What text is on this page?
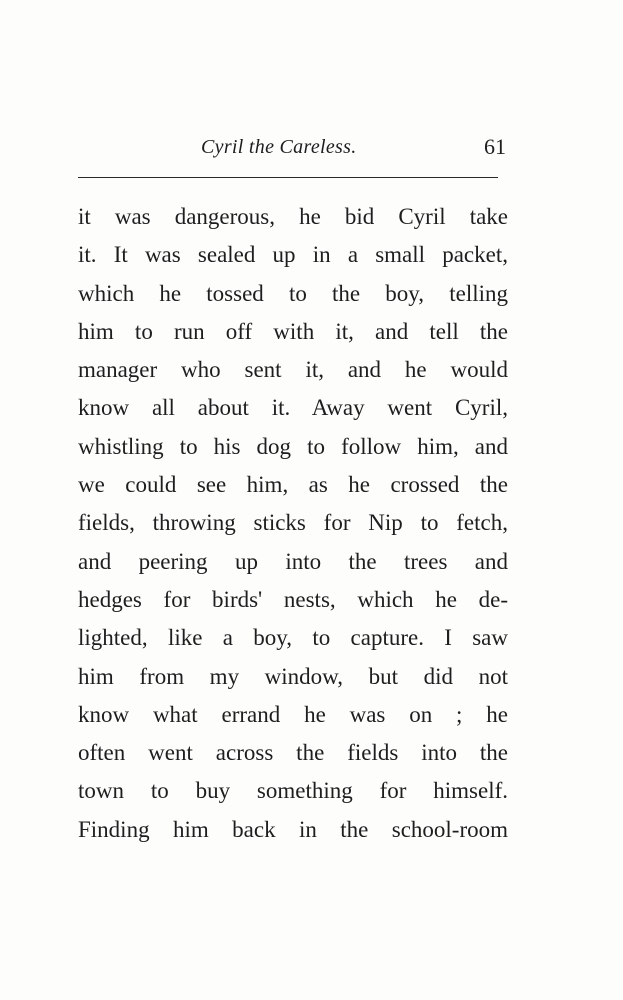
Cyril the Careless.	61
it was dangerous, he bid Cyril take
it. It was sealed up in a small packet,
which he tossed to the boy, telling
him to run off with it, and tell the
manager who sent it, and he would
know all about it. Away went Cyril,
whistling to his dog to follow him, and
we could see him, as he crossed the
fields, throwing sticks for Nip to fetch,
and peering up into the trees and
hedges for birds' nests, which he de-
lighted, like a boy, to capture. I saw
him from my window, but did not
know what errand he was on ; he
often went across the fields into the
town to buy something for himself.
Finding him back in the school-room
